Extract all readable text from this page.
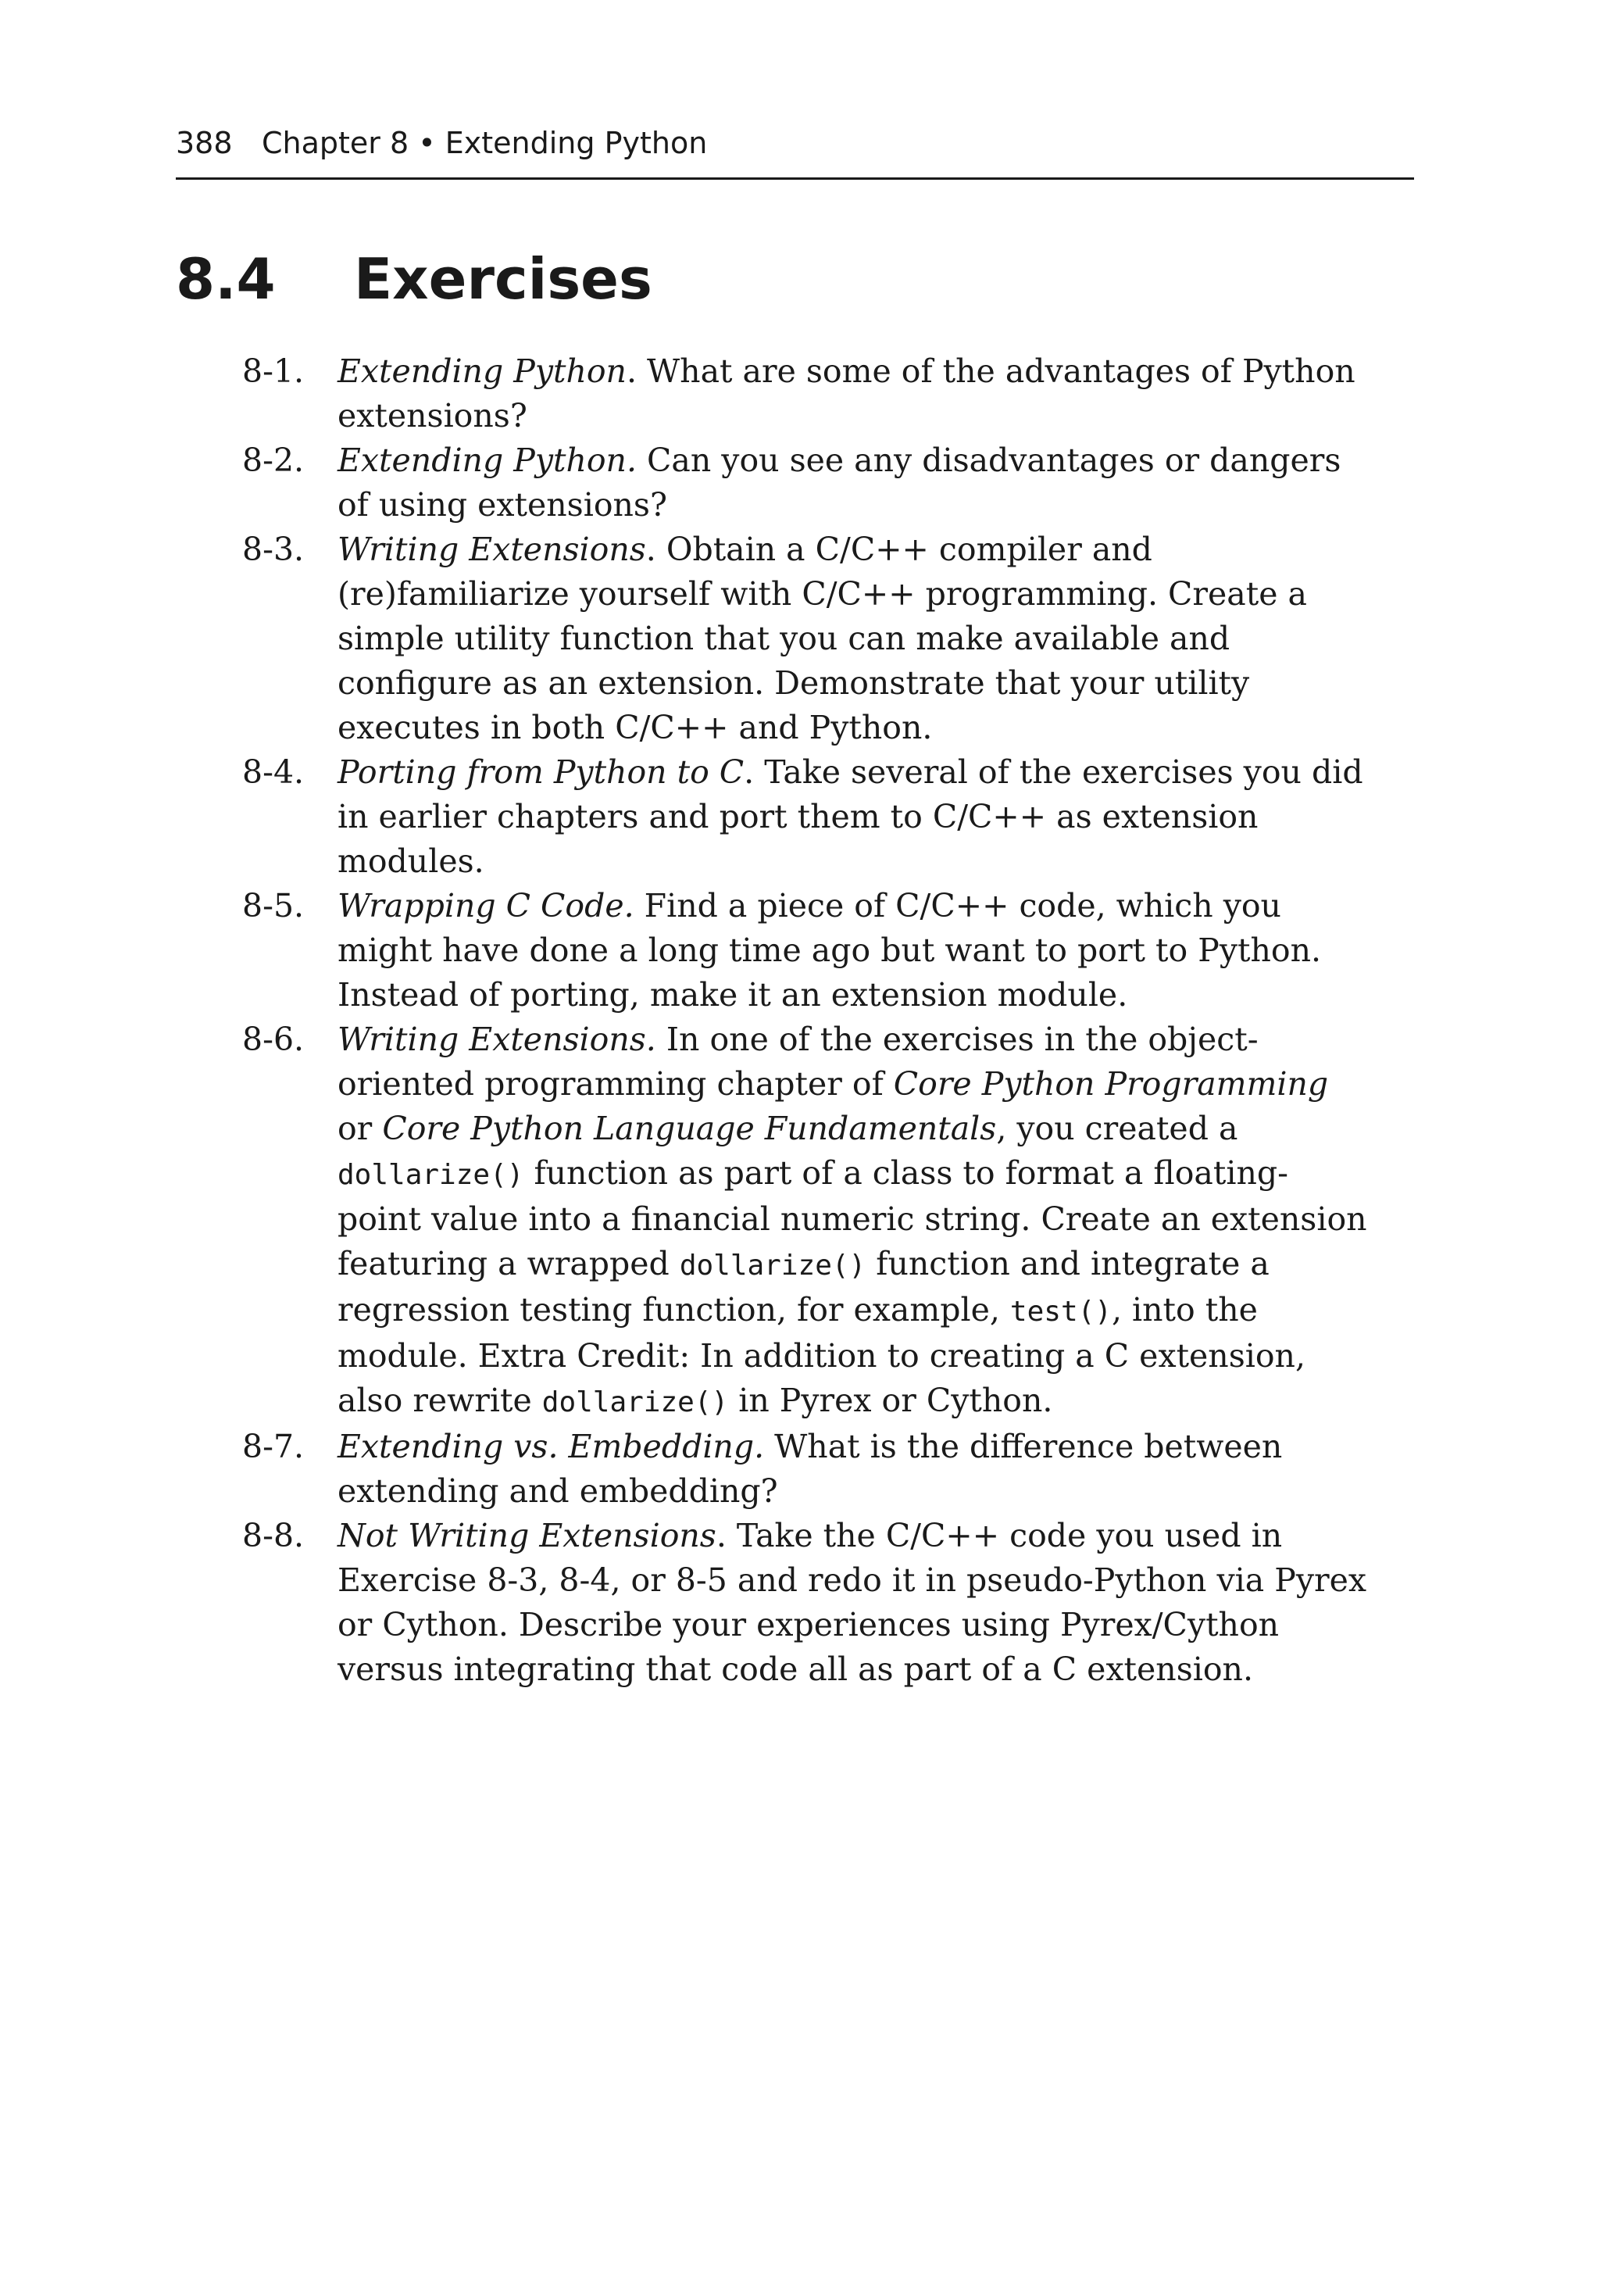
388 Chapter 8 • Extending Python
8.4 Exercises
8-1. Extending Python. What are some of the advantages of Python extensions?
8-2. Extending Python. Can you see any disadvantages or dangers of using extensions?
8-3. Writing Extensions. Obtain a C/C++ compiler and (re)familiarize yourself with C/C++ programming. Create a simple utility function that you can make available and configure as an extension. Demonstrate that your utility executes in both C/C++ and Python.
8-4. Porting from Python to C. Take several of the exercises you did in earlier chapters and port them to C/C++ as extension modules.
8-5. Wrapping C Code. Find a piece of C/C++ code, which you might have done a long time ago but want to port to Python. Instead of porting, make it an extension module.
8-6. Writing Extensions. In one of the exercises in the object-oriented programming chapter of Core Python Programming or Core Python Language Fundamentals, you created a dollarize() function as part of a class to format a floating-point value into a financial numeric string. Create an extension featuring a wrapped dollarize() function and integrate a regression testing function, for example, test(), into the module. Extra Credit: In addition to creating a C extension, also rewrite dollarize() in Pyrex or Cython.
8-7. Extending vs. Embedding. What is the difference between extending and embedding?
8-8. Not Writing Extensions. Take the C/C++ code you used in Exercise 8-3, 8-4, or 8-5 and redo it in pseudo-Python via Pyrex or Cython. Describe your experiences using Pyrex/Cython versus integrating that code all as part of a C extension.
